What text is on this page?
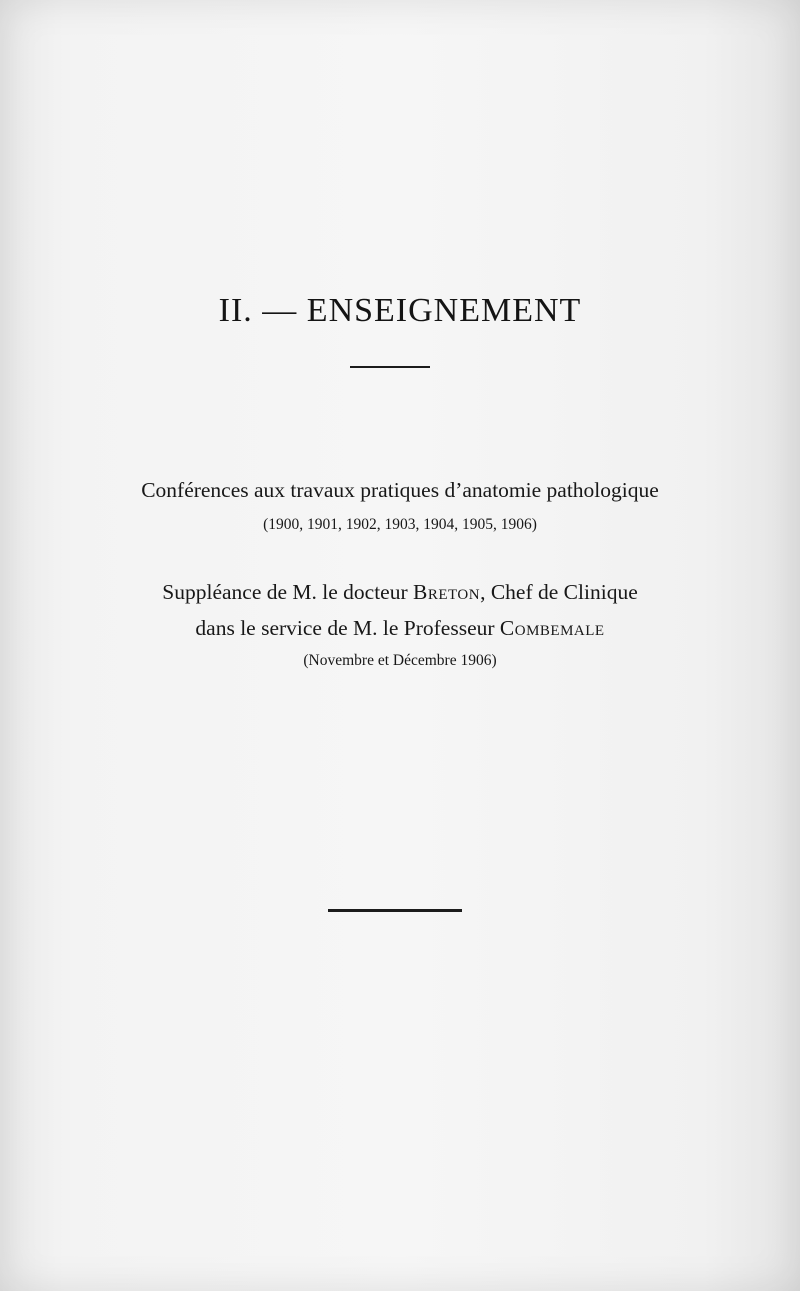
II. — ENSEIGNEMENT

Conférences aux travaux pratiques d’anatomie pathologique

(1900, 1901, 1902, 1903, 1904, 1905, 1906)

Suppléance de M. le docteur Breton, Chef de Clinique

dans le service de M. le Professeur Combemale

(Novembre et Décembre 1906)
